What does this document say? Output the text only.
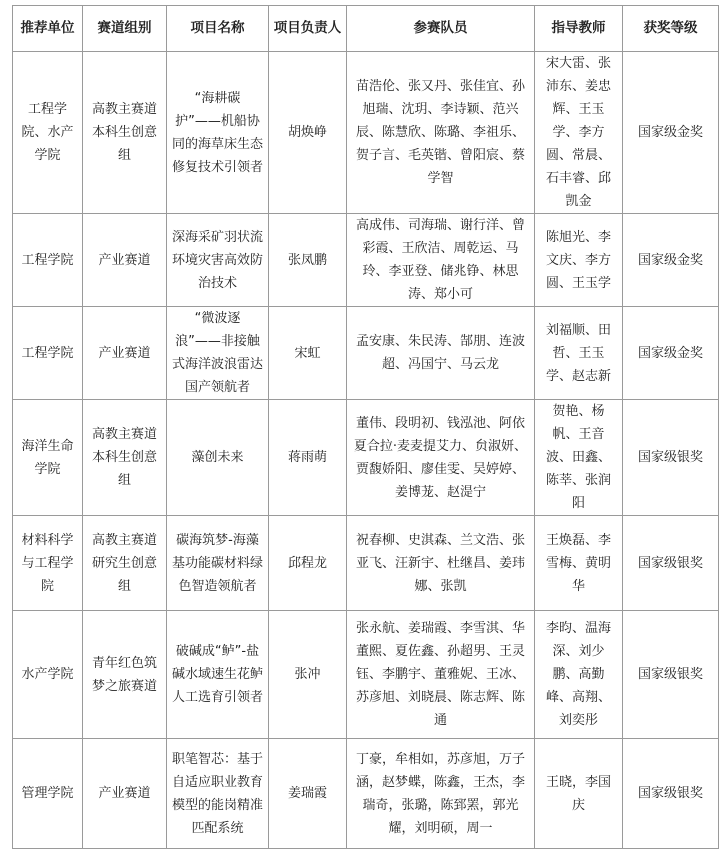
推荐单位	赛道组别	项目名称	项目负责人	参赛队员	指导教师	获奖等级
工程学院、水产学院	高教主赛道本科生创意组	“海耕碳护”——机船协同的海草床生态修复技术引领者	胡焕峥	苗浩伦、张又丹、张佳宜、孙旭瑞、沈玥、李诗颖、范兴辰、陈慧欣、陈璐、李祖乐、贺子言、毛英锴、曾阳宸、蔡学智	宋大雷、张沛东、姜忠辉、王玉学、李方圆、常晨、石丰睿、邱凯金	国家级金奖
工程学院	产业赛道	深海采矿羽状流环境灾害高效防治技术	张凤鹏	高成伟、司海瑞、谢行洋、曾彩霞、王欣洁、周乾运、马玲、李亚登、储兆铮、林思涛、郑小可	陈旭光、李文庆、李方圆、王玉学	国家级金奖
工程学院	产业赛道	“微波逐浪”——非接触式海洋波浪雷达国产领航者	宋虹	孟安康、朱民涛、郜朋、连波超、冯国宁、马云龙	刘福顺、田哲、王玉学、赵志新	国家级金奖
海洋生命学院	高教主赛道本科生创意组	藻创未来	蒋雨萌	董伟、段明初、钱泓池、阿依夏合拉·麦麦提艾力、贠淑妍、贾馥娇阳、廖佳雯、吴婷婷、姜博茏、赵湜宁	贺艳、杨帆、王音波、田鑫、陈莘、张润阳	国家级银奖
材料科学与工程学院	高教主赛道研究生创意组	碳海筑梦-海藻基功能碳材料绿色智造领航者	邱程龙	祝春柳、史淇森、兰文浩、张亚飞、汪新宇、杜继昌、姜玮娜、张凯	王焕磊、李雪梅、黄明华	国家级银奖
水产学院	青年红色筑梦之旅赛道	破碱成“鲈”-盐碱水域速生花鲈人工选育引领者	张冲	张永航、姜瑞霞、李雪淇、华董熙、夏佐鑫、孙超男、王灵钰、李鹏宇、董雅妮、王冰、苏彦旭、刘晓晨、陈志辉、陈通	李昀、温海深、刘少鹏、高勤峰、高翔、刘奕彤	国家级银奖
管理学院	产业赛道	职笔智芯：基于自适应职业教育模型的能岗精准匹配系统	姜瑞霞	丁豪，牟相如，苏彦旭，万子涵，赵梦蝶，陈鑫，王杰，李瑞奇，张璐，陈郅罴，郭光耀，刘明硕，周一	王晓，李国庆	国家级银奖
